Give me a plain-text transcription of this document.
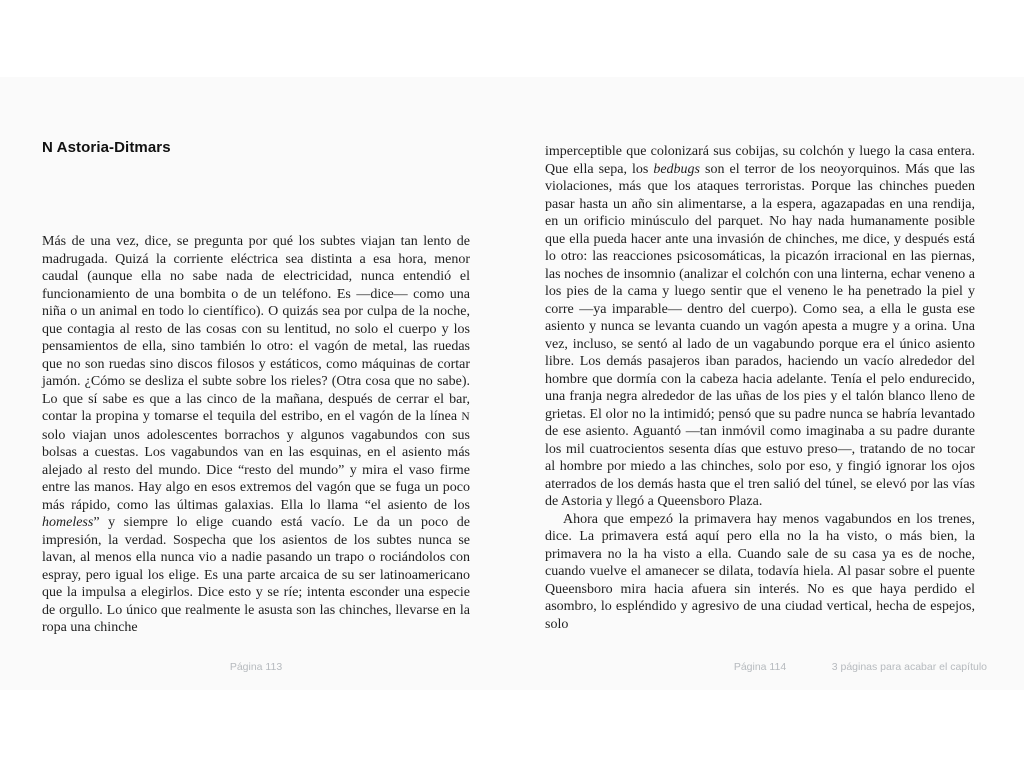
N Astoria-Ditmars

Más de una vez, dice, se pregunta por qué los subtes viajan tan lento de madrugada. Quizá la corriente eléctrica sea distinta a esa hora, menor caudal (aunque ella no sabe nada de electricidad, nunca entendió el funcionamiento de una bombita o de un teléfono. Es —dice— como una niña o un animal en todo lo científico). O quizás sea por culpa de la noche, que contagia al resto de las cosas con su lentitud, no solo el cuerpo y los pensamientos de ella, sino también lo otro: el vagón de metal, las ruedas que no son ruedas sino discos filosos y estáticos, como máquinas de cortar jamón. ¿Cómo se desliza el subte sobre los rieles? (Otra cosa que no sabe). Lo que sí sabe es que a las cinco de la mañana, después de cerrar el bar, contar la propina y tomarse el tequila del estribo, en el vagón de la línea N solo viajan unos adolescentes borrachos y algunos vagabundos con sus bolsas a cuestas. Los vagabundos van en las esquinas, en el asiento más alejado al resto del mundo. Dice “resto del mundo” y mira el vaso firme entre las manos. Hay algo en esos extremos del vagón que se fuga un poco más rápido, como las últimas galaxias. Ella lo llama “el asiento de los homeless” y siempre lo elige cuando está vacío. Le da un poco de impresión, la verdad. Sospecha que los asientos de los subtes nunca se lavan, al menos ella nunca vio a nadie pasando un trapo o rociándolos con espray, pero igual los elige. Es una parte arcaica de su ser latinoamericano que la impulsa a elegirlos. Dice esto y se ríe; intenta esconder una especie de orgullo. Lo único que realmente le asusta son las chinches, llevarse en la ropa una chinche

imperceptible que colonizará sus cobijas, su colchón y luego la casa entera. Que ella sepa, los bedbugs son el terror de los neoyorquinos. Más que las violaciones, más que los ataques terroristas. Porque las chinches pueden pasar hasta un año sin alimentarse, a la espera, agazapadas en una rendija, en un orificio minúsculo del parquet. No hay nada humanamente posible que ella pueda hacer ante una invasión de chinches, me dice, y después está lo otro: las reacciones psicosomáticas, la picazón irracional en las piernas, las noches de insomnio (analizar el colchón con una linterna, echar veneno a los pies de la cama y luego sentir que el veneno le ha penetrado la piel y corre —ya imparable— dentro del cuerpo). Como sea, a ella le gusta ese asiento y nunca se levanta cuando un vagón apesta a mugre y a orina. Una vez, incluso, se sentó al lado de un vagabundo porque era el único asiento libre. Los demás pasajeros iban parados, haciendo un vacío alrededor del hombre que dormía con la cabeza hacia adelante. Tenía el pelo endurecido, una franja negra alrededor de las uñas de los pies y el talón blanco lleno de grietas. El olor no la intimidó; pensó que su padre nunca se habría levantado de ese asiento. Aguantó —tan inmóvil como imaginaba a su padre durante los mil cuatrocientos sesenta días que estuvo preso—, tratando de no tocar al hombre por miedo a las chinches, solo por eso, y fingió ignorar los ojos aterrados de los demás hasta que el tren salió del túnel, se elevó por las vías de Astoria y llegó a Queensboro Plaza.

Ahora que empezó la primavera hay menos vagabundos en los trenes, dice. La primavera está aquí pero ella no la ha visto, o más bien, la primavera no la ha visto a ella. Cuando sale de su casa ya es de noche, cuando vuelve el amanecer se dilata, todavía hiela. Al pasar sobre el puente Queensboro mira hacia afuera sin interés. No es que haya perdido el asombro, lo espléndido y agresivo de una ciudad vertical, hecha de espejos, solo

Página 113	Página 114	3 páginas para acabar el capítulo
